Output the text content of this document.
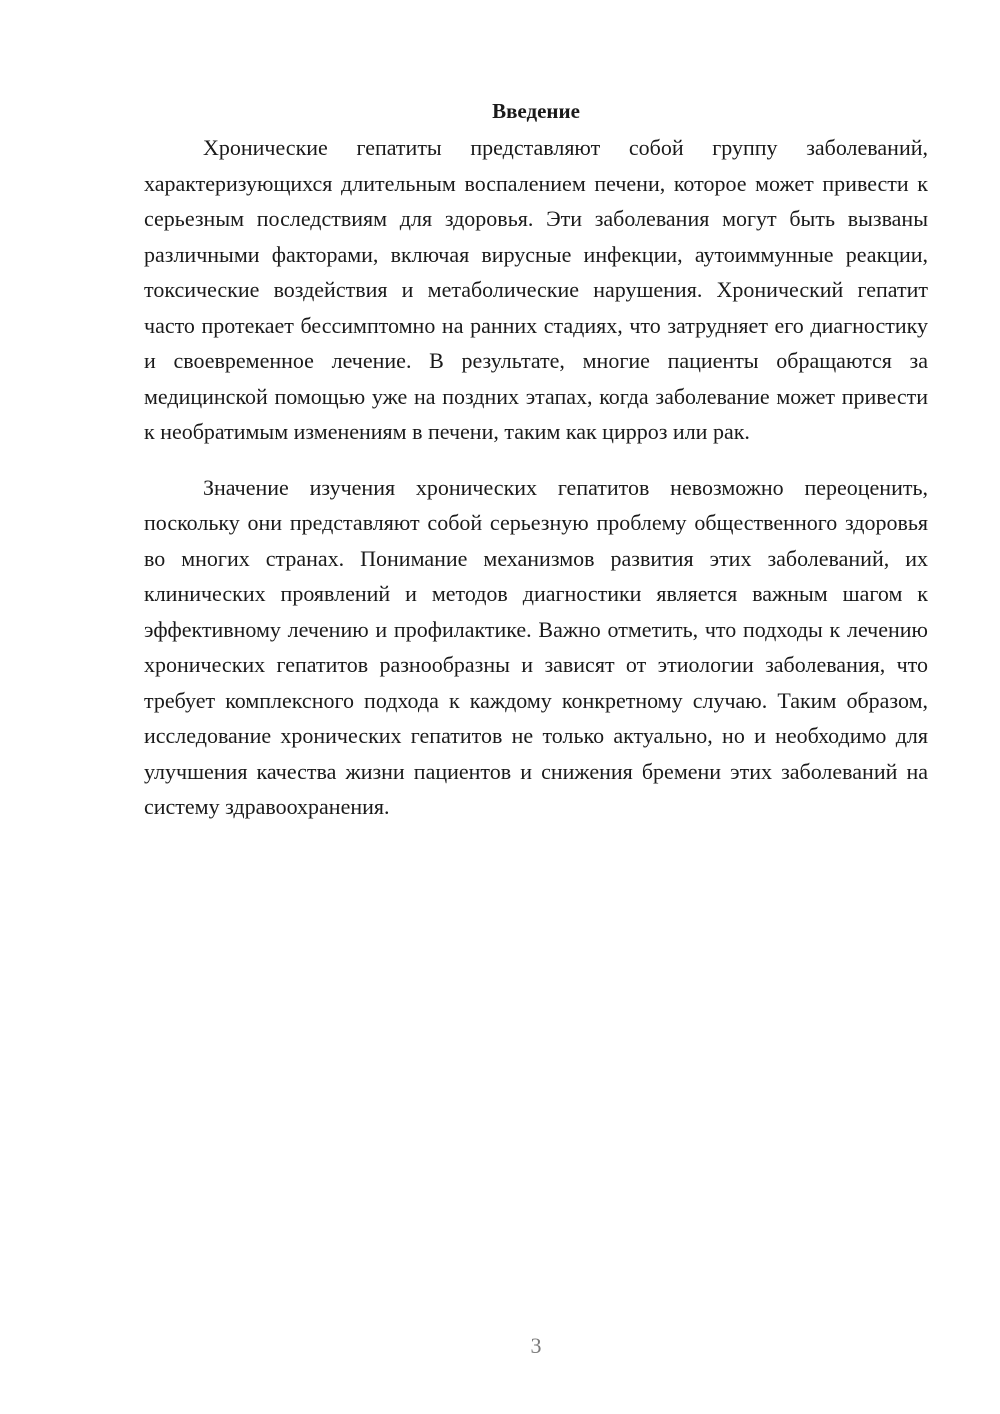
Введение

Хронические гепатиты представляют собой группу заболеваний, характеризующихся длительным воспалением печени, которое может привести к серьезным последствиям для здоровья. Эти заболевания могут быть вызваны различными факторами, включая вирусные инфекции, аутоиммунные реакции, токсические воздействия и метаболические нарушения. Хронический гепатит часто протекает бессимптомно на ранних стадиях, что затрудняет его диагностику и своевременное лечение. В результате, многие пациенты обращаются за медицинской помощью уже на поздних этапах, когда заболевание может привести к необратимым изменениям в печени, таким как цирроз или рак.

Значение изучения хронических гепатитов невозможно переоценить, поскольку они представляют собой серьезную проблему общественного здоровья во многих странах. Понимание механизмов развития этих заболеваний, их клинических проявлений и методов диагностики является важным шагом к эффективному лечению и профилактике. Важно отметить, что подходы к лечению хронических гепатитов разнообразны и зависят от этиологии заболевания, что требует комплексного подхода к каждому конкретному случаю. Таким образом, исследование хронических гепатитов не только актуально, но и необходимо для улучшения качества жизни пациентов и снижения бремени этих заболеваний на систему здравоохранения.

3
